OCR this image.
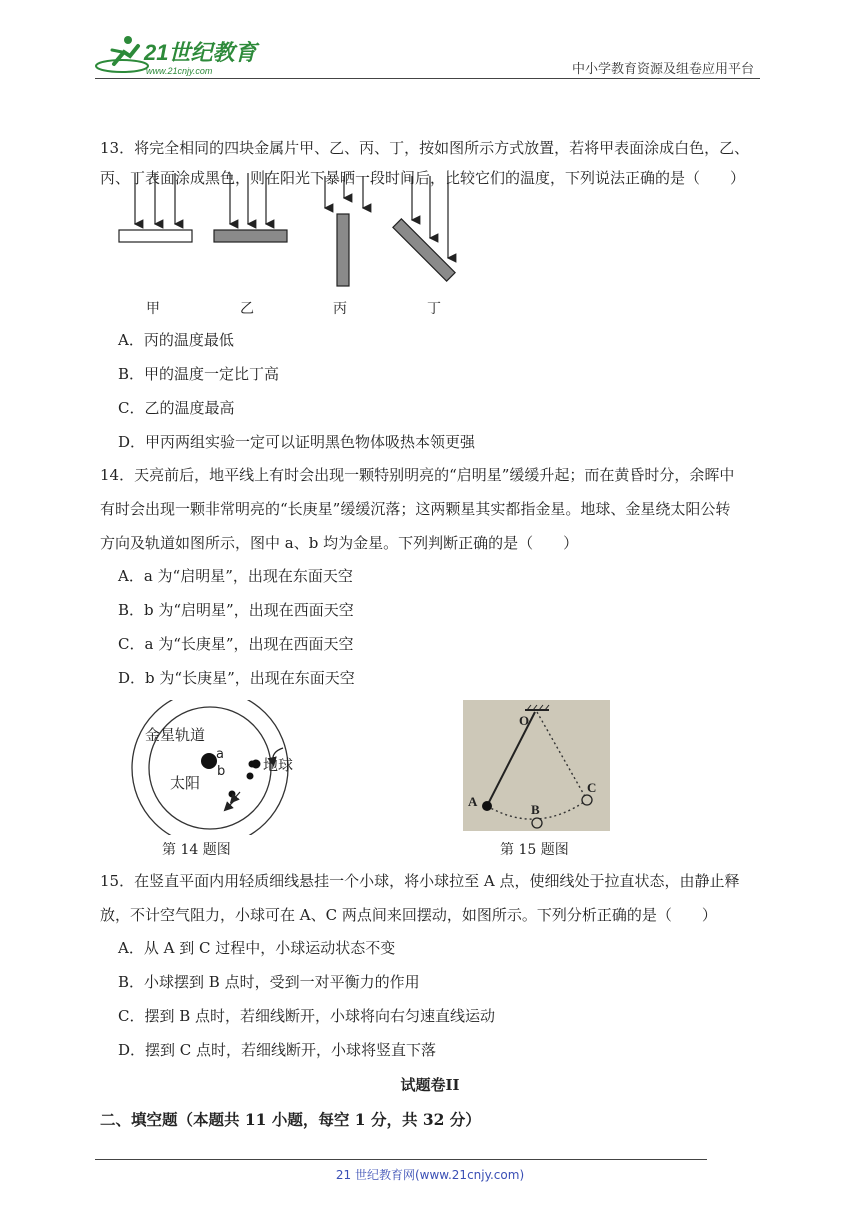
21世纪教育
www.21cnjy.com	中小学教育资源及组卷应用平台
13．将完全相同的四块金属片甲、乙、丙、丁，按如图所示方式放置，若将甲表面涂成白色，乙、
丙、丁表面涂成黑色，则在阳光下暴晒一段时间后，比较它们的温度，下列说法正确的是（　　）
甲	乙	丙	丁
A．丙的温度最低
B．甲的温度一定比丁高
C．乙的温度最高
D．甲丙两组实验一定可以证明黑色物体吸热本领更强
14．天亮前后，地平线上有时会出现一颗特别明亮的“启明星”缓缓升起；而在黄昏时分，余晖中
有时会出现一颗非常明亮的“长庚星”缓缓沉落；这两颗星其实都指金星。地球、金星绕太阳公转
方向及轨道如图所示，图中 a、b 均为金星。下列判断正确的是（　　）
A．a 为“启明星”，出现在东面天空
B．b 为“启明星”，出现在西面天空
C．a 为“长庚星”，出现在西面天空
D．b 为“长庚星”，出现在东面天空
金星轨道
太阳
地球
a
b
第 14 题图
O
A
B
C
第 15 题图
15．在竖直平面内用轻质细线悬挂一个小球，将小球拉至 A 点，使细线处于拉直状态，由静止释
放，不计空气阻力，小球可在 A、C 两点间来回摆动，如图所示。下列分析正确的是（　　）
A．从 A 到 C 过程中，小球运动状态不变
B．小球摆到 B 点时，受到一对平衡力的作用
C．摆到 B 点时，若细线断开，小球将向右匀速直线运动
D．摆到 C 点时，若细线断开，小球将竖直下落
试题卷II
二、填空题（本题共 11 小题，每空 1 分，共 32 分）
21 世纪教育网(www.21cnjy.com)
